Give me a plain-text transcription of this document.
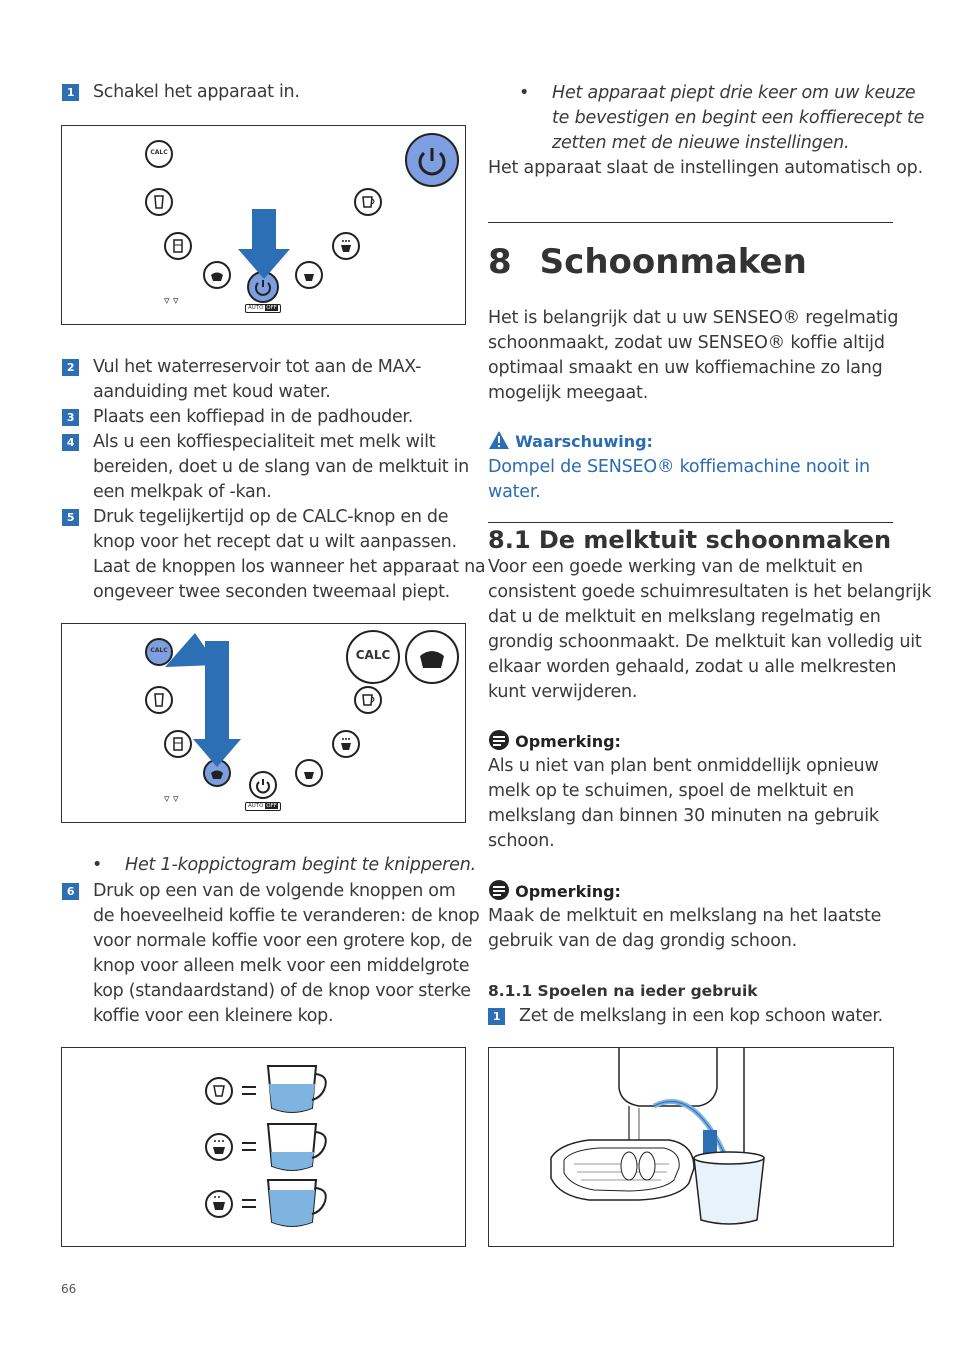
1 Schakel het apparaat in.
CALC
▿ ▿
AUTO OFF
2 Vul het waterreservoir tot aan de MAX-
aanduiding met koud water.
3 Plaats een koffiepad in de padhouder.
4 Als u een koffiespecialiteit met melk wilt
bereiden, doet u de slang van de melktuit in
een melkpak of -kan.
5 Druk tegelijkertijd op de CALC-knop en de
knop voor het recept dat u wilt aanpassen.
Laat de knoppen los wanneer het apparaat na
ongeveer twee seconden tweemaal piept.
CALC	CALC
▿ ▿
AUTO OFF
• Het 1-koppictogram begint te knipperen.
6 Druk op een van de volgende knoppen om
de hoeveelheid koffie te veranderen: de knop
voor normale koffie voor een grotere kop, de
knop voor alleen melk voor een middelgrote
kop (standaardstand) of de knop voor sterke
koffie voor een kleinere kop.
66
• Het apparaat piept drie keer om uw keuze
te bevestigen en begint een koffierecept te
zetten met de nieuwe instellingen.
Het apparaat slaat de instellingen automatisch op.
8 Schoonmaken
Het is belangrijk dat u uw SENSEO® regelmatig
schoonmaakt, zodat uw SENSEO® koffie altijd
optimaal smaakt en uw koffiemachine zo lang
mogelijk meegaat.
Waarschuwing:
Dompel de SENSEO® koffiemachine nooit in
water.
8.1 De melktuit schoonmaken
Voor een goede werking van de melktuit en
consistent goede schuimresultaten is het belangrijk
dat u de melktuit en melkslang regelmatig en
grondig schoonmaakt. De melktuit kan volledig uit
elkaar worden gehaald, zodat u alle melkresten
kunt verwijderen.
Opmerking:
Als u niet van plan bent onmiddellijk opnieuw
melk op te schuimen, spoel de melktuit en
melkslang dan binnen 30 minuten na gebruik
schoon.
Opmerking:
Maak de melktuit en melkslang na het laatste
gebruik van de dag grondig schoon.
8.1.1 Spoelen na ieder gebruik
1 Zet de melkslang in een kop schoon water.
